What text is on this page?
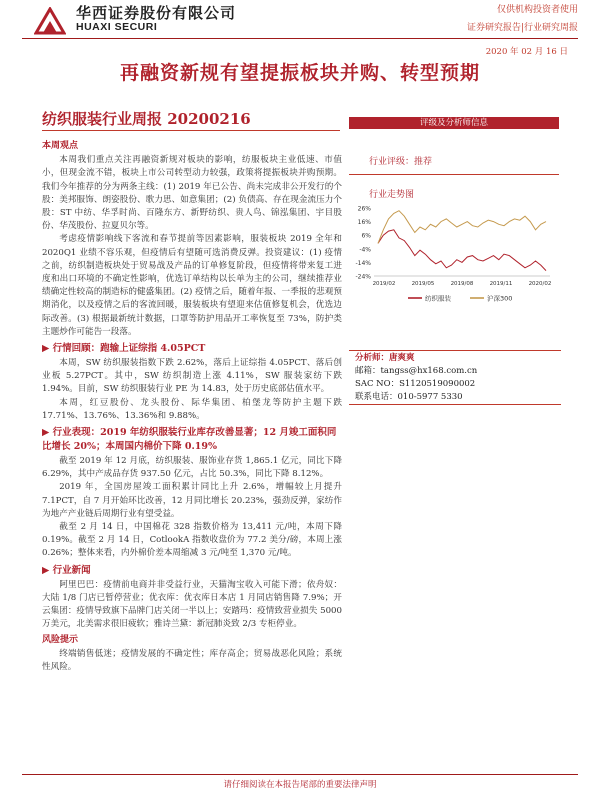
华西证券股份有限公司
HUAXI SECURI
仅供机构投资者使用
证券研究报告|行业研究周报
2020 年 02 月 16 日
再融资新规有望提振板块并购、转型预期
纺织服装行业周报 20200216
本周观点

本周我们重点关注再融资新规对板块的影响，纺服板块主业低速、市值小，但现金流不错，板块上市公司转型动力较强，政策将提振板块并购预期。我们今年推荐的分为两条主线：(1) 2019 年已公告、尚未完成非公开发行的个股：美邦服饰、朗姿股份、歌力思、如意集团；(2) 负债高、存在现金流压力个股：ST 中纺、华孚时尚、百隆东方、新野纺织、贵人鸟、锦泓集团、宇目股份、华茂股份、拉夏贝尔等。

考虑疫情影响线下客流和春节提前等因素影响，服装板块 2019 全年和 2020Q1 业绩不容乐观，但疫情后有望随可选消费反弹。投资建议：(1) 疫情之前，纺织制造板块处于贸易战及产品的订单修复阶段，但疫情将带来复工进度和出口环境的不确定性影响，优选订单结构以长单为主的公司，继续推荐业绩确定性较高的制造标的健盛集团。(2) 疫情之后，随着年报、一季报的悲观预期消化，以及疫情之后的客流回暖，服装板块有望迎来估值修复机会，优选边际改善。(3) 根据最新统计数据，口罩等防护用品开工率恢复至 73%，防护类主题炒作可能告一段落。

▶ 行情回顾：跑输上证综指 4.05PCT

本周，SW 纺织服装指数下跌 2.62%，落后上证综指 4.05PCT、落后创业板 5.27PCT。其中，SW 纺织制造上涨 4.11%，SW 服装家纺下跌 1.94%。目前，SW 纺织服装行业 PE 为 14.83，处于历史底部估值水平。

本周，红豆股份、龙头股份、际华集团、柏堡龙等防护主题下跌 17.71%、13.76%、13.36%和 9.88%。

▶ 行业表现：2019 年纺织服装行业库存改善显著；12 月竣工面积同比增长 20%；本周国内棉价下降 0.19%

截至 2019 年 12 月底，纺织服装、服饰业存货 1,865.1 亿元，同比下降 6.29%，其中产成品存货 937.50 亿元，占比 50.3%，同比下降 8.12%。

2019 年，全国房屋竣工面积累计同比上升 2.6%，增幅较上月提升 7.1PCT，自 7 月开始环比改善，12 月同比增长 20.23%，强劲反弹，家纺作为地产产业链后周期行业有望受益。

截至 2 月 14 日，中国棉花 328 指数价格为 13,411 元/吨，本周下降 0.19%。截至 2 月 14 日，CotlookA 指数收盘价为 77.2 美分/磅，本周上涨 0.26%；整体来看，内外棉价差本周缩减 3 元/吨至 1,370 元/吨。

▶ 行业新闻

阿里巴巴：疫情前电商并非受益行业，天猫淘宝收入可能下滑；依舟奴：大陆 1/8 门店已暂停营业；优衣库：优衣库日本店 1 月同店销售降 7.9%；开云集团：疫情导致旗下品牌门店关闭一半以上；安踏玛：疫情致营业损失 5000 万美元，北美需求很旧疲软；雅诗兰黛：新冠肺炎致 2/3 专柜停业。

风险提示

终端销售低迷；疫情发展的不确定性；库存高企；贸易战恶化风险；系统性风险。

评级及分析师信息
行业评级：推荐
行业走势图
26%
16%
6%
-4%
-14%
-24%
2019/02	2019/05	2019/08	2019/11	2020/02
纺织服装	沪深300
分析师：唐爽爽
邮箱：tangss@hx168.com.cn
SAC NO：S1120519090002
联系电话：010-5977 5330
请仔细阅读在本报告尾部的重要法律声明
